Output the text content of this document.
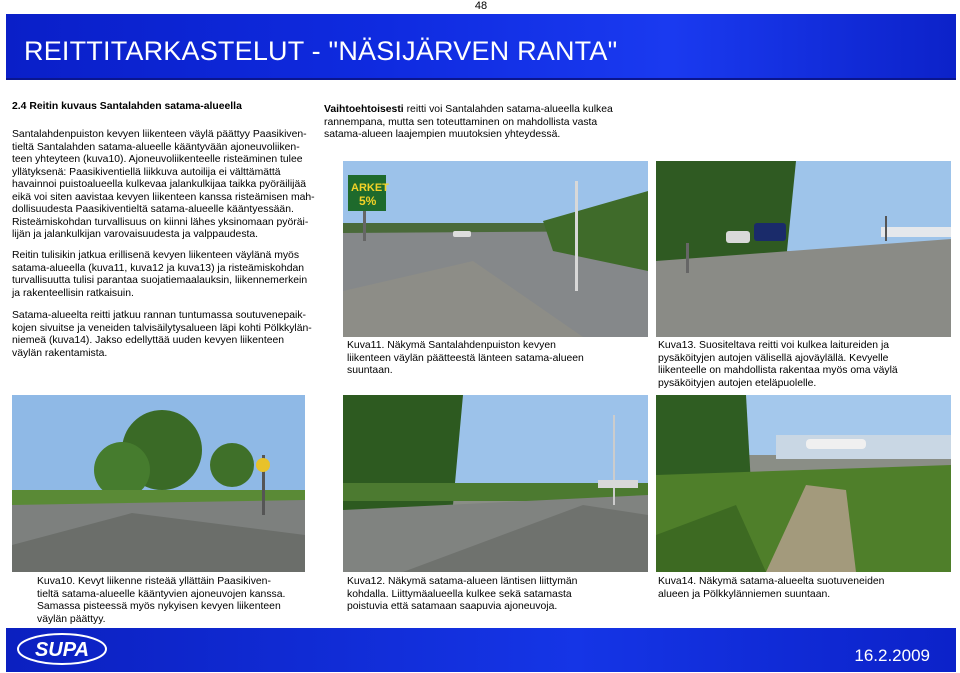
48
REITTITARKASTELUT - "NÄSIJÄRVEN RANTA"
2.4 Reitin kuvaus Santalahden satama-alueella
Santalahdenpuiston kevyen liikenteen väylä päättyy Paasikiven-
tieltä Santalahden satama-alueelle kääntyvään ajoneuvoliiken-
teen yhteyteen (kuva10). Ajoneuvoliikenteelle risteäminen tulee
yllätyksenä: Paasikiventiellä liikkuva autoilija ei välttämättä
havainnoi puistoalueella kulkevaa jalankulkijaa taikka pyöräilijää
eikä voi siten aavistaa kevyen liikenteen kanssa risteämisen mah-
dollisuudesta Paasikiventieltä satama-alueelle kääntyessään.
Risteämiskohdan turvallisuus on kiinni lähes yksinomaan pyöräi-
lijän ja jalankulkijan varovaisuudesta ja valppaudesta.
Reitin tulisikin jatkua erillisenä kevyen liikenteen väylänä myös
satama-alueella (kuva11, kuva12 ja kuva13) ja risteämiskohdan
turvallisuutta tulisi parantaa suojatiemaalauksin, liikennemerkein
ja rakenteellisin ratkaisuin.
Satama-alueelta reitti jatkuu rannan tuntumassa soutuvenepaik-
kojen sivuitse ja veneiden talvisäilytysalueen läpi kohti Pölkkylän-
niemeä (kuva14). Jakso edellyttää uuden kevyen liikenteen
väylän rakentamista.
Vaihtoehtoisesti reitti voi Santalahden satama-alueella kulkea
rannempana, mutta sen toteuttaminen on mahdollista vasta
satama-alueen laajempien muutoksien yhteydessä.
ARKET
5%
Kuva11. Näkymä Santalahdenpuiston kevyen
liikenteen väylän päätteestä länteen satama-alueen
suuntaan.
Kuva13. Suositeltava reitti voi kulkea laitureiden ja
pysäköityjen autojen välisellä ajoväylällä. Kevyelle
liikenteelle on mahdollista rakentaa myös oma väylä
pysäköityjen autojen eteläpuolelle.
Kuva10. Kevyt liikenne risteää yllättäin Paasikiven-
tieltä satama-alueelle kääntyvien ajoneuvojen kanssa.
Samassa pisteessä myös nykyisen kevyen liikenteen
väylän päättyy.
Kuva12. Näkymä satama-alueen läntisen liittymän
kohdalla. Liittymäalueella kulkee sekä satamasta
poistuvia että satamaan saapuvia ajoneuvoja.
Kuva14. Näkymä satama-alueelta suotuveneiden
alueen ja Pölkkylänniemen suuntaan.
SUPA	16.2.2009
